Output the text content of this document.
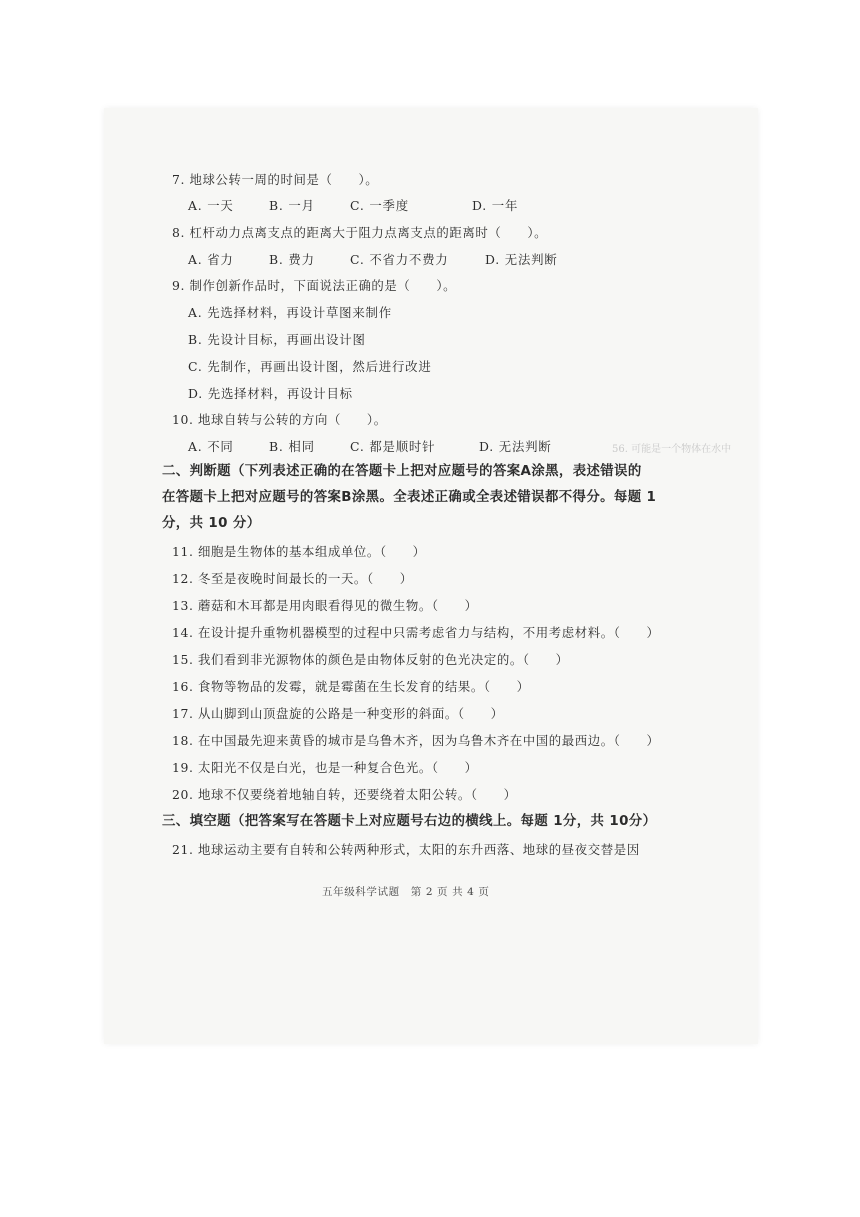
7. 地球公转一周的时间是（　　）。
A. 一天	B. 一月	C. 一季度	D. 一年
8. 杠杆动力点离支点的距离大于阻力点离支点的距离时（　　）。
A. 省力	B. 费力	C. 不省力不费力	D. 无法判断
9. 制作创新作品时，下面说法正确的是（　　）。
A. 先选择材料，再设计草图来制作
B. 先设计目标，再画出设计图
C. 先制作，再画出设计图，然后进行改进
D. 先选择材料，再设计目标
10. 地球自转与公转的方向（　　）。
A. 不同	B. 相同	C. 都是顺时针	D. 无法判断
二、判断题（下列表述正确的在答题卡上把对应题号的答案A涂黑，表述错误的
在答题卡上把对应题号的答案B涂黑。全表述正确或全表述错误都不得分。每题 1
分，共 10 分）
11. 细胞是生物体的基本组成单位。（　　）
12. 冬至是夜晚时间最长的一天。（　　）
13. 蘑菇和木耳都是用肉眼看得见的微生物。（　　）
14. 在设计提升重物机器模型的过程中只需考虑省力与结构，不用考虑材料。（　　）
15. 我们看到非光源物体的颜色是由物体反射的色光决定的。（　　）
16. 食物等物品的发霉，就是霉菌在生长发育的结果。（　　）
17. 从山脚到山顶盘旋的公路是一种变形的斜面。（　　）
18. 在中国最先迎来黄昏的城市是乌鲁木齐，因为乌鲁木齐在中国的最西边。（　　）
19. 太阳光不仅是白光，也是一种复合色光。（　　）
20. 地球不仅要绕着地轴自转，还要绕着太阳公转。（　　）
三、填空题（把答案写在答题卡上对应题号右边的横线上。每题 1分，共 10分）
21. 地球运动主要有自转和公转两种形式，太阳的东升西落、地球的昼夜交替是因
五年级科学试题　第 2 页 共 4 页
56. 可能是一个物体在水中
